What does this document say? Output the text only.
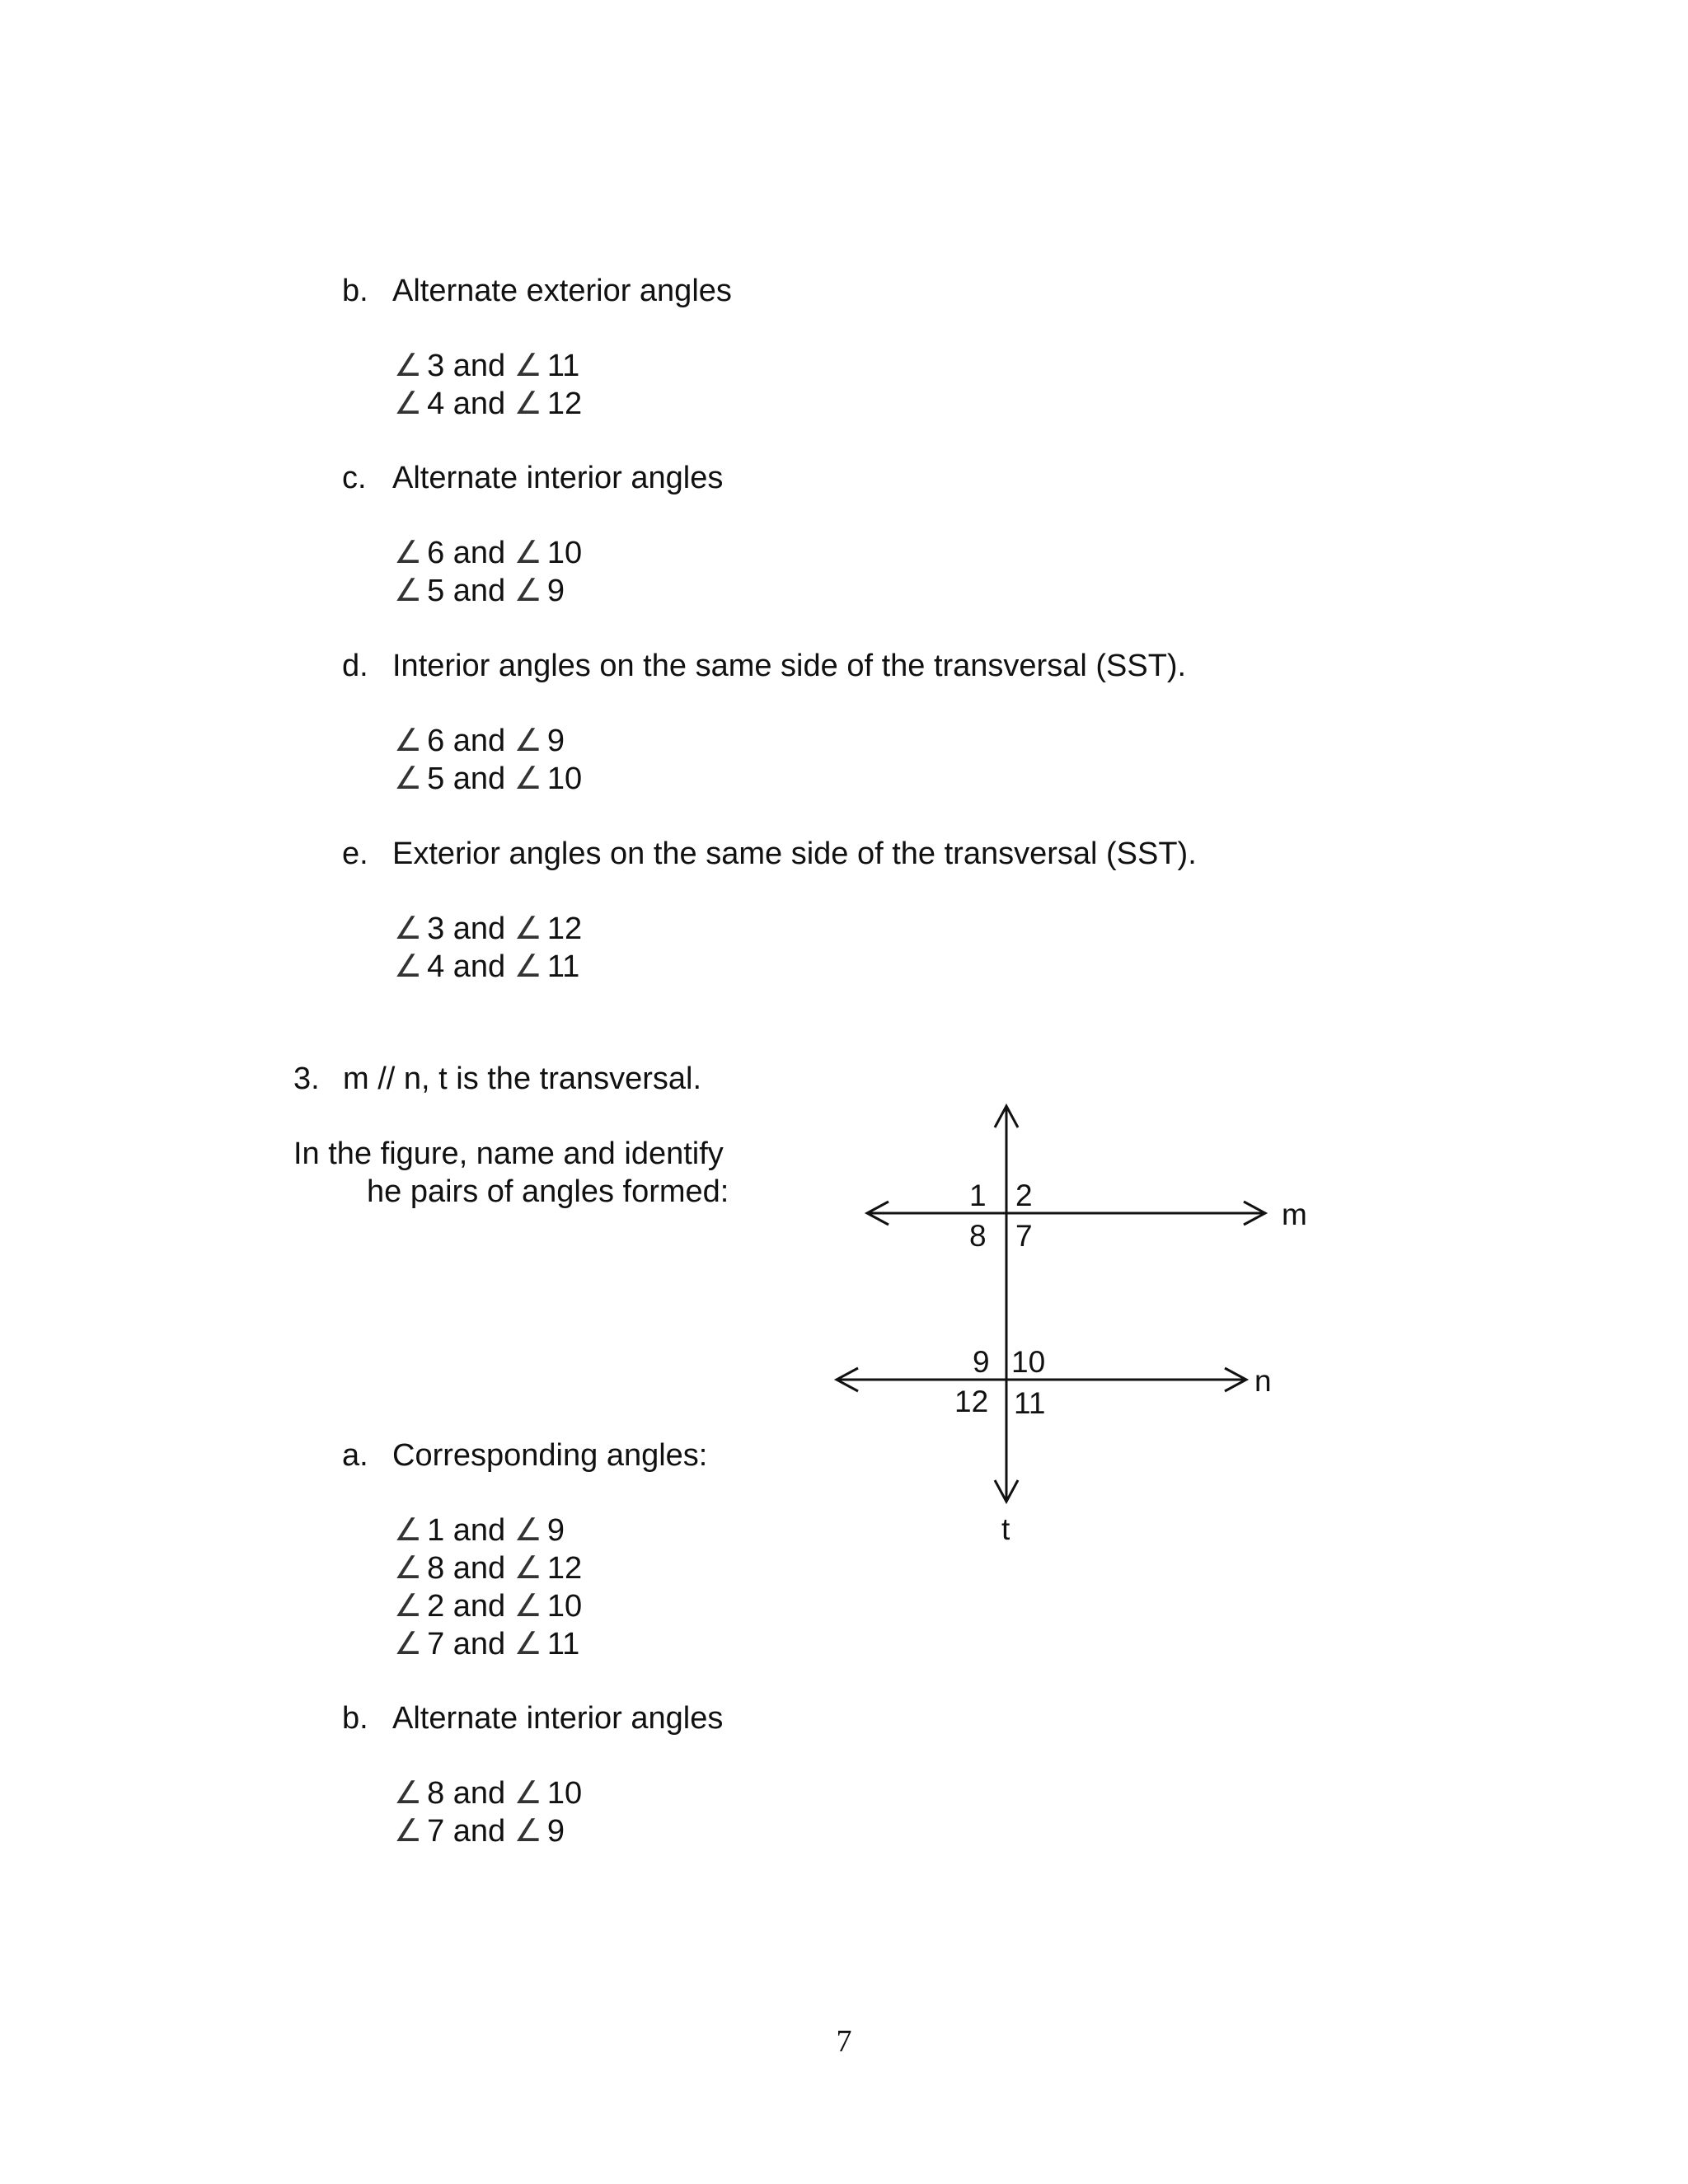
b. Alternate exterior angles
∠ 3 and ∠ 11
∠ 4 and ∠ 12
c. Alternate interior angles
∠ 6 and ∠ 10
∠ 5 and ∠ 9
d. Interior angles on the same side of the transversal (SST).
∠ 6 and ∠ 9
∠ 5 and ∠ 10
e. Exterior angles on the same side of the transversal (SST).
∠ 3 and ∠ 12
∠ 4 and ∠ 11
3. m // n, t is the transversal.
In the figure, name and identify
he pairs of angles formed:
a. Corresponding angles:
∠ 1 and ∠ 9
∠ 8 and ∠ 12
∠ 2 and ∠ 10
∠ 7 and ∠ 11
b. Alternate interior angles
∠ 8 and ∠ 10
∠ 7 and ∠ 9
m
n
t
1 2
8 7
9 10
12 11
7
